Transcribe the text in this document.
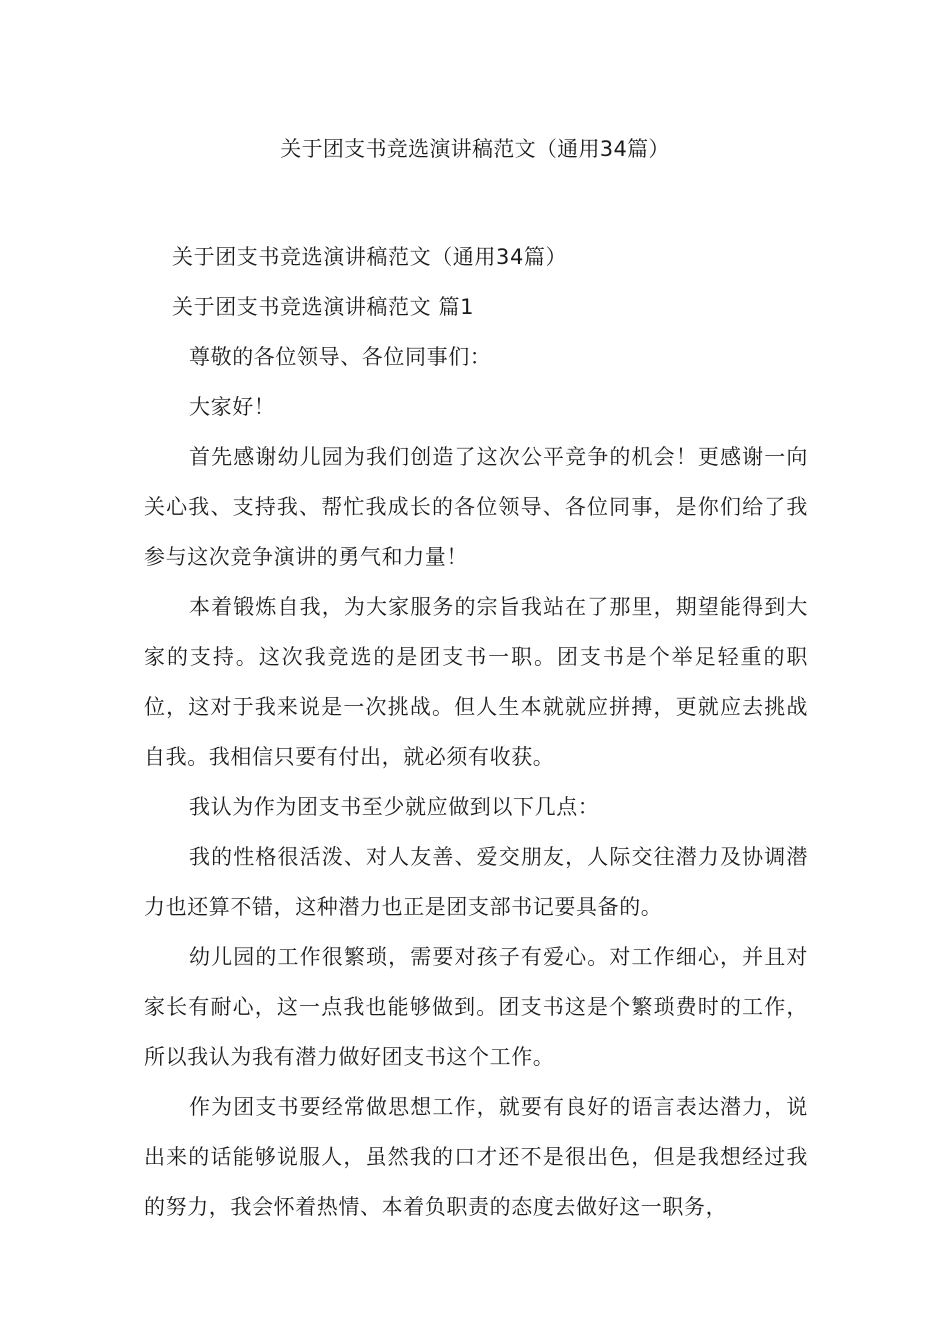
关于团支书竞选演讲稿范文（通用34篇）

关于团支书竞选演讲稿范文（通用34篇）

关于团支书竞选演讲稿范文 篇1

尊敬的各位领导、各位同事们：

大家好！

首先感谢幼儿园为我们创造了这次公平竞争的机会！更感谢一向关心我、支持我、帮忙我成长的各位领导、各位同事，是你们给了我参与这次竞争演讲的勇气和力量！

本着锻炼自我，为大家服务的宗旨我站在了那里，期望能得到大家的支持。这次我竞选的是团支书一职。团支书是个举足轻重的职位，这对于我来说是一次挑战。但人生本就就应拼搏，更就应去挑战自我。我相信只要有付出，就必须有收获。

我认为作为团支书至少就应做到以下几点：

我的性格很活泼、对人友善、爱交朋友，人际交往潜力及协调潜力也还算不错，这种潜力也正是团支部书记要具备的。

幼儿园的工作很繁琐，需要对孩子有爱心。对工作细心，并且对家长有耐心，这一点我也能够做到。团支书这是个繁琐费时的工作，所以我认为我有潜力做好团支书这个工作。

作为团支书要经常做思想工作，就要有良好的语言表达潜力，说出来的话能够说服人，虽然我的口才还不是很出色，但是我想经过我的努力，我会怀着热情、本着负职责的态度去做好这一职务，
